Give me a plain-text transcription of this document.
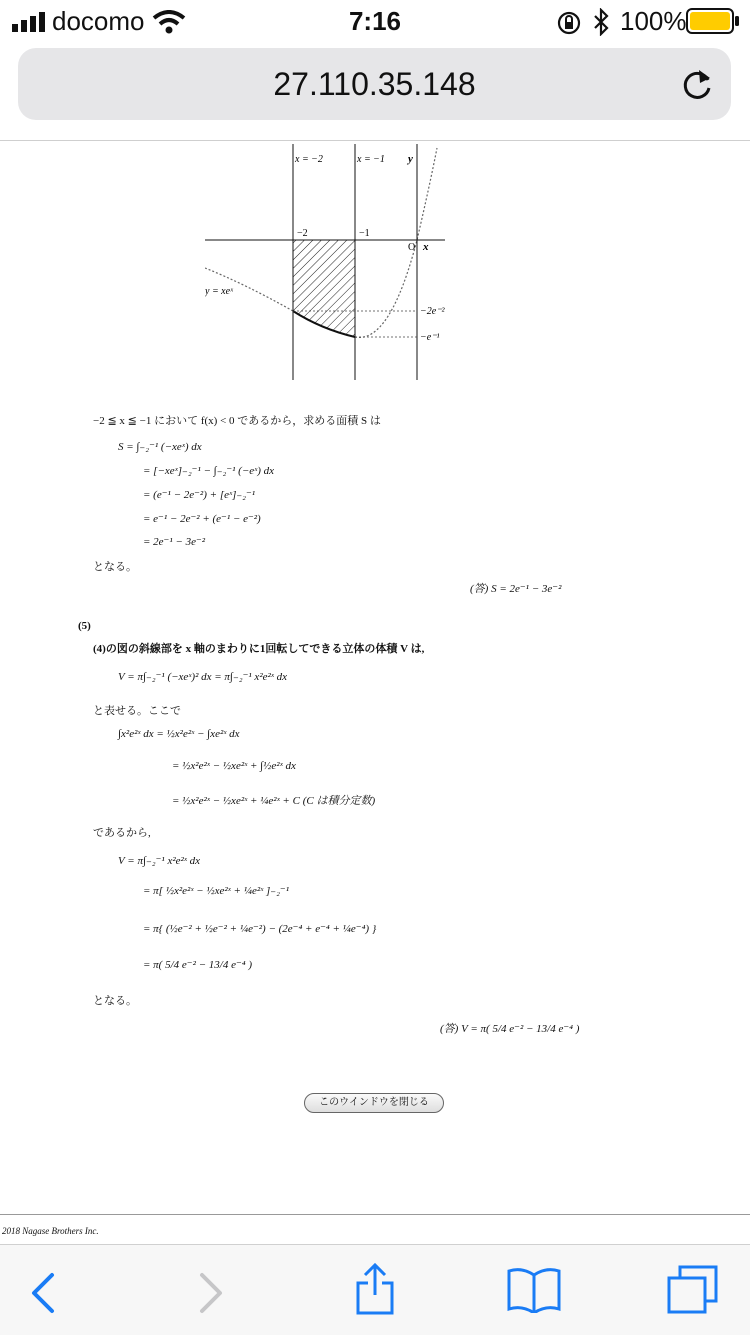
docomo	7:16	100%
27.110.35.148
x = −2	x = −1 y
−2	−1
O x
y = xeˣ
−2e⁻²
−e⁻¹
−2 ≦ x ≦ −1 において f(x) < 0 であるから，求める面積 S は
S = ∫₋₂⁻¹ (−xeˣ) dx
= [−xeˣ]₋₂⁻¹ − ∫₋₂⁻¹ (−eˣ) dx
= (e⁻¹ − 2e⁻²) + [eˣ]₋₂⁻¹
= e⁻¹ − 2e⁻² + (e⁻¹ − e⁻²)
= 2e⁻¹ − 3e⁻²
となる。
(答) S = 2e⁻¹ − 3e⁻²
(5)
(4)の図の斜線部を x 軸のまわりに1回転してできる立体の体積 V は,
V = π∫₋₂⁻¹ (−xeˣ)² dx = π∫₋₂⁻¹ x²e²ˣ dx
と表せる。ここで
∫x²e²ˣ dx = ½x²e²ˣ − ∫xe²ˣ dx
= ½x²e²ˣ − ½xe²ˣ + ∫½e²ˣ dx
= ½x²e²ˣ − ½xe²ˣ + ¼e²ˣ + C (C は積分定数)
であるから,
V = π∫₋₂⁻¹ x²e²ˣ dx
= π[ ½x²e²ˣ − ½xe²ˣ + ¼e²ˣ ]₋₂⁻¹
= π{ (½e⁻² + ½e⁻² + ¼e⁻²) − (2e⁻⁴ + e⁻⁴ + ¼e⁻⁴) }
= π( 5/4 e⁻² − 13/4 e⁻⁴ )
となる。
(答) V = π( 5/4 e⁻² − 13/4 e⁻⁴ )
このウインドウを閉じる
2018 Nagase Brothers Inc.
